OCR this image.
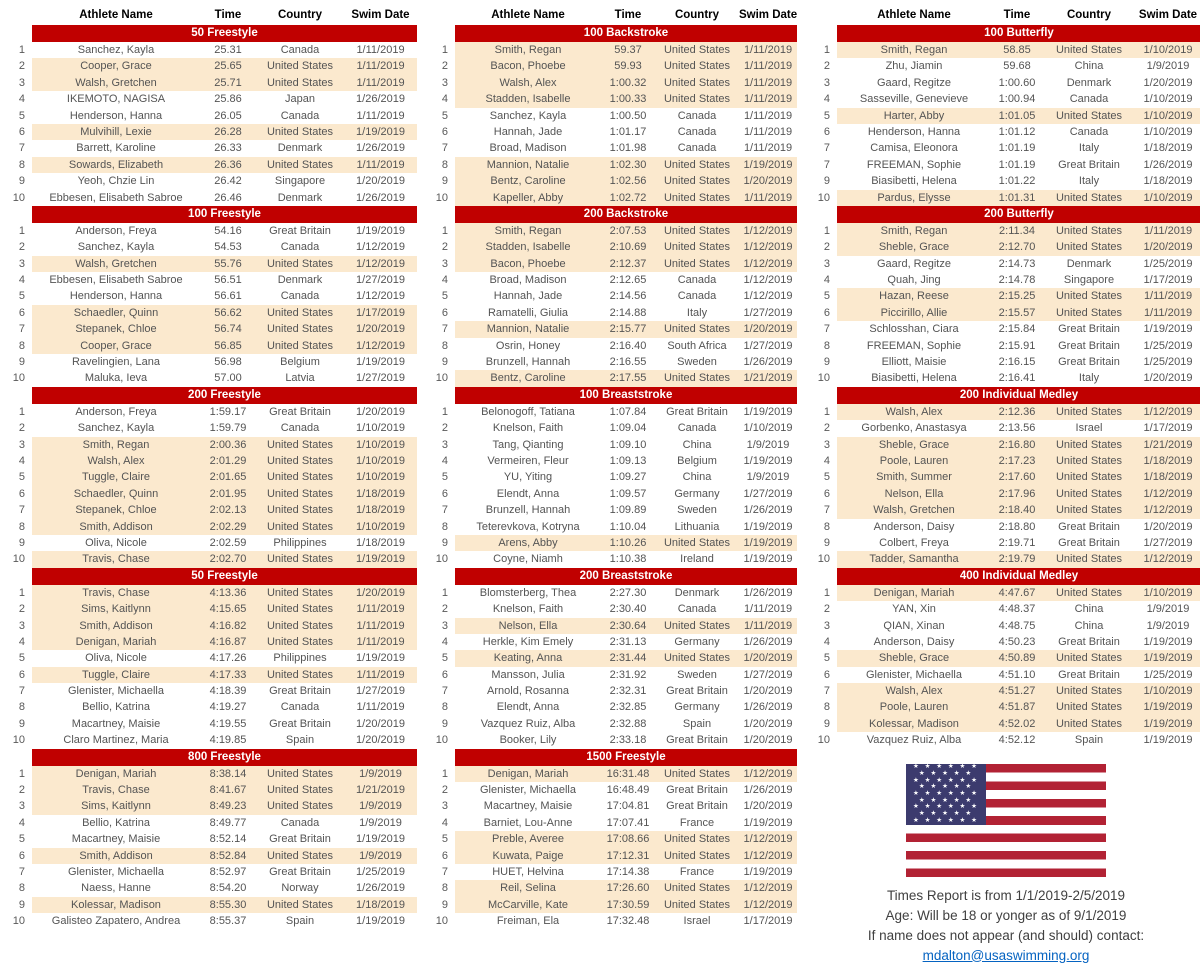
Athlete Name	Time	Country	Swim Date
50 Freestyle
1	Sanchez, Kayla	25.31	Canada	1/11/2019
2	Cooper, Grace	25.65	United States	1/11/2019
3	Walsh, Gretchen	25.71	United States	1/11/2019
4	IKEMOTO, NAGISA	25.86	Japan	1/26/2019
5	Henderson, Hanna	26.05	Canada	1/11/2019
6	Mulvihill, Lexie	26.28	United States	1/19/2019
7	Barrett, Karoline	26.33	Denmark	1/26/2019
8	Sowards, Elizabeth	26.36	United States	1/11/2019
9	Yeoh, Chzie Lin	26.42	Singapore	1/20/2019
10	Ebbesen, Elisabeth Sabroe	26.46	Denmark	1/26/2019
100 Freestyle
1	Anderson, Freya	54.16	Great Britain	1/19/2019
2	Sanchez, Kayla	54.53	Canada	1/12/2019
3	Walsh, Gretchen	55.76	United States	1/12/2019
4	Ebbesen, Elisabeth Sabroe	56.51	Denmark	1/27/2019
5	Henderson, Hanna	56.61	Canada	1/12/2019
6	Schaedler, Quinn	56.62	United States	1/17/2019
7	Stepanek, Chloe	56.74	United States	1/20/2019
8	Cooper, Grace	56.85	United States	1/12/2019
9	Ravelingien, Lana	56.98	Belgium	1/19/2019
10	Maluka, Ieva	57.00	Latvia	1/27/2019
200 Freestyle
1	Anderson, Freya	1:59.17	Great Britain	1/20/2019
2	Sanchez, Kayla	1:59.79	Canada	1/10/2019
3	Smith, Regan	2:00.36	United States	1/10/2019
4	Walsh, Alex	2:01.29	United States	1/10/2019
5	Tuggle, Claire	2:01.65	United States	1/10/2019
6	Schaedler, Quinn	2:01.95	United States	1/18/2019
7	Stepanek, Chloe	2:02.13	United States	1/18/2019
8	Smith, Addison	2:02.29	United States	1/10/2019
9	Oliva, Nicole	2:02.59	Philippines	1/18/2019
10	Travis, Chase	2:02.70	United States	1/19/2019
50 Freestyle
1	Travis, Chase	4:13.36	United States	1/20/2019
2	Sims, Kaitlynn	4:15.65	United States	1/11/2019
3	Smith, Addison	4:16.82	United States	1/11/2019
4	Denigan, Mariah	4:16.87	United States	1/11/2019
5	Oliva, Nicole	4:17.26	Philippines	1/19/2019
6	Tuggle, Claire	4:17.33	United States	1/11/2019
7	Glenister, Michaella	4:18.39	Great Britain	1/27/2019
8	Bellio, Katrina	4:19.27	Canada	1/11/2019
9	Macartney, Maisie	4:19.55	Great Britain	1/20/2019
10	Claro Martinez, Maria	4:19.85	Spain	1/20/2019
800 Freestyle
1	Denigan, Mariah	8:38.14	United States	1/9/2019
2	Travis, Chase	8:41.67	United States	1/21/2019
3	Sims, Kaitlynn	8:49.23	United States	1/9/2019
4	Bellio, Katrina	8:49.77	Canada	1/9/2019
5	Macartney, Maisie	8:52.14	Great Britain	1/19/2019
6	Smith, Addison	8:52.84	United States	1/9/2019
7	Glenister, Michaella	8:52.97	Great Britain	1/25/2019
8	Naess, Hanne	8:54.20	Norway	1/26/2019
9	Kolessar, Madison	8:55.30	United States	1/18/2019
10	Galisteo Zapatero, Andrea	8:55.37	Spain	1/19/2019
Athlete Name	Time	Country	Swim Date
100 Backstroke
1	Smith, Regan	59.37	United States	1/11/2019
2	Bacon, Phoebe	59.93	United States	1/11/2019
3	Walsh, Alex	1:00.32	United States	1/11/2019
4	Stadden, Isabelle	1:00.33	United States	1/11/2019
5	Sanchez, Kayla	1:00.50	Canada	1/11/2019
6	Hannah, Jade	1:01.17	Canada	1/11/2019
7	Broad, Madison	1:01.98	Canada	1/11/2019
8	Mannion, Natalie	1:02.30	United States	1/19/2019
9	Bentz, Caroline	1:02.56	United States	1/20/2019
10	Kapeller, Abby	1:02.72	United States	1/11/2019
200 Backstroke
1	Smith, Regan	2:07.53	United States	1/12/2019
2	Stadden, Isabelle	2:10.69	United States	1/12/2019
3	Bacon, Phoebe	2:12.37	United States	1/12/2019
4	Broad, Madison	2:12.65	Canada	1/12/2019
5	Hannah, Jade	2:14.56	Canada	1/12/2019
6	Ramatelli, Giulia	2:14.88	Italy	1/27/2019
7	Mannion, Natalie	2:15.77	United States	1/20/2019
8	Osrin, Honey	2:16.40	South Africa	1/27/2019
9	Brunzell, Hannah	2:16.55	Sweden	1/26/2019
10	Bentz, Caroline	2:17.55	United States	1/21/2019
100 Breaststroke
1	Belonogoff, Tatiana	1:07.84	Great Britain	1/19/2019
2	Knelson, Faith	1:09.04	Canada	1/10/2019
3	Tang, Qianting	1:09.10	China	1/9/2019
4	Vermeiren, Fleur	1:09.13	Belgium	1/19/2019
5	YU, Yiting	1:09.27	China	1/9/2019
6	Elendt, Anna	1:09.57	Germany	1/27/2019
7	Brunzell, Hannah	1:09.89	Sweden	1/26/2019
8	Teterevkova, Kotryna	1:10.04	Lithuania	1/19/2019
9	Arens, Abby	1:10.26	United States	1/19/2019
10	Coyne, Niamh	1:10.38	Ireland	1/19/2019
200 Breaststroke
1	Blomsterberg, Thea	2:27.30	Denmark	1/26/2019
2	Knelson, Faith	2:30.40	Canada	1/11/2019
3	Nelson, Ella	2:30.64	United States	1/11/2019
4	Herkle, Kim Emely	2:31.13	Germany	1/26/2019
5	Keating, Anna	2:31.44	United States	1/20/2019
6	Mansson, Julia	2:31.92	Sweden	1/27/2019
7	Arnold, Rosanna	2:32.31	Great Britain	1/20/2019
8	Elendt, Anna	2:32.85	Germany	1/26/2019
9	Vazquez Ruiz, Alba	2:32.88	Spain	1/20/2019
10	Booker, Lily	2:33.18	Great Britain	1/20/2019
1500 Freestyle
1	Denigan, Mariah	16:31.48	United States	1/12/2019
2	Glenister, Michaella	16:48.49	Great Britain	1/26/2019
3	Macartney, Maisie	17:04.81	Great Britain	1/20/2019
4	Barniet, Lou-Anne	17:07.41	France	1/19/2019
5	Preble, Averee	17:08.66	United States	1/12/2019
6	Kuwata, Paige	17:12.31	United States	1/12/2019
7	HUET, Helvina	17:14.38	France	1/19/2019
8	Reil, Selina	17:26.60	United States	1/12/2019
9	McCarville, Kate	17:30.59	United States	1/12/2019
10	Freiman, Ela	17:32.48	Israel	1/17/2019
Athlete Name	Time	Country	Swim Date
100 Butterfly
1	Smith, Regan	58.85	United States	1/10/2019
2	Zhu, Jiamin	59.68	China	1/9/2019
3	Gaard, Regitze	1:00.60	Denmark	1/20/2019
4	Sasseville, Genevieve	1:00.94	Canada	1/10/2019
5	Harter, Abby	1:01.05	United States	1/10/2019
6	Henderson, Hanna	1:01.12	Canada	1/10/2019
7	Camisa, Eleonora	1:01.19	Italy	1/18/2019
7	FREEMAN, Sophie	1:01.19	Great Britain	1/26/2019
9	Biasibetti, Helena	1:01.22	Italy	1/18/2019
10	Pardus, Elysse	1:01.31	United States	1/10/2019
200 Butterfly
1	Smith, Regan	2:11.34	United States	1/11/2019
2	Sheble, Grace	2:12.70	United States	1/20/2019
3	Gaard, Regitze	2:14.73	Denmark	1/25/2019
4	Quah, Jing	2:14.78	Singapore	1/17/2019
5	Hazan, Reese	2:15.25	United States	1/11/2019
6	Piccirillo, Allie	2:15.57	United States	1/11/2019
7	Schlosshan, Ciara	2:15.84	Great Britain	1/19/2019
8	FREEMAN, Sophie	2:15.91	Great Britain	1/25/2019
9	Elliott, Maisie	2:16.15	Great Britain	1/25/2019
10	Biasibetti, Helena	2:16.41	Italy	1/20/2019
200 Individual Medley
1	Walsh, Alex	2:12.36	United States	1/12/2019
2	Gorbenko, Anastasya	2:13.56	Israel	1/17/2019
3	Sheble, Grace	2:16.80	United States	1/21/2019
4	Poole, Lauren	2:17.23	United States	1/18/2019
5	Smith, Summer	2:17.60	United States	1/18/2019
6	Nelson, Ella	2:17.96	United States	1/12/2019
7	Walsh, Gretchen	2:18.40	United States	1/12/2019
8	Anderson, Daisy	2:18.80	Great Britain	1/20/2019
9	Colbert, Freya	2:19.71	Great Britain	1/27/2019
10	Tadder, Samantha	2:19.79	United States	1/12/2019
400 Individual Medley
1	Denigan, Mariah	4:47.67	United States	1/10/2019
2	YAN, Xin	4:48.37	China	1/9/2019
3	QIAN, Xinan	4:48.75	China	1/9/2019
4	Anderson, Daisy	4:50.23	Great Britain	1/19/2019
5	Sheble, Grace	4:50.89	United States	1/19/2019
6	Glenister, Michaella	4:51.10	Great Britain	1/25/2019
7	Walsh, Alex	4:51.27	United States	1/10/2019
8	Poole, Lauren	4:51.87	United States	1/19/2019
9	Kolessar, Madison	4:52.02	United States	1/19/2019
10	Vazquez Ruiz, Alba	4:52.12	Spain	1/19/2019
★ ★ ★ ★ ★ ★
★ ★ ★ ★ ★
★ ★ ★ ★ ★ ★
★ ★ ★ ★ ★
★ ★ ★ ★ ★ ★
★ ★ ★ ★ ★
★ ★ ★ ★ ★ ★
★ ★ ★ ★ ★
★ ★ ★ ★ ★ ★
Times Report is from 1/1/2019-2/5/2019
Age: Will be 18 or yonger as of 9/1/2019
If name does not appear (and should) contact:
mdalton@usaswimming.org
